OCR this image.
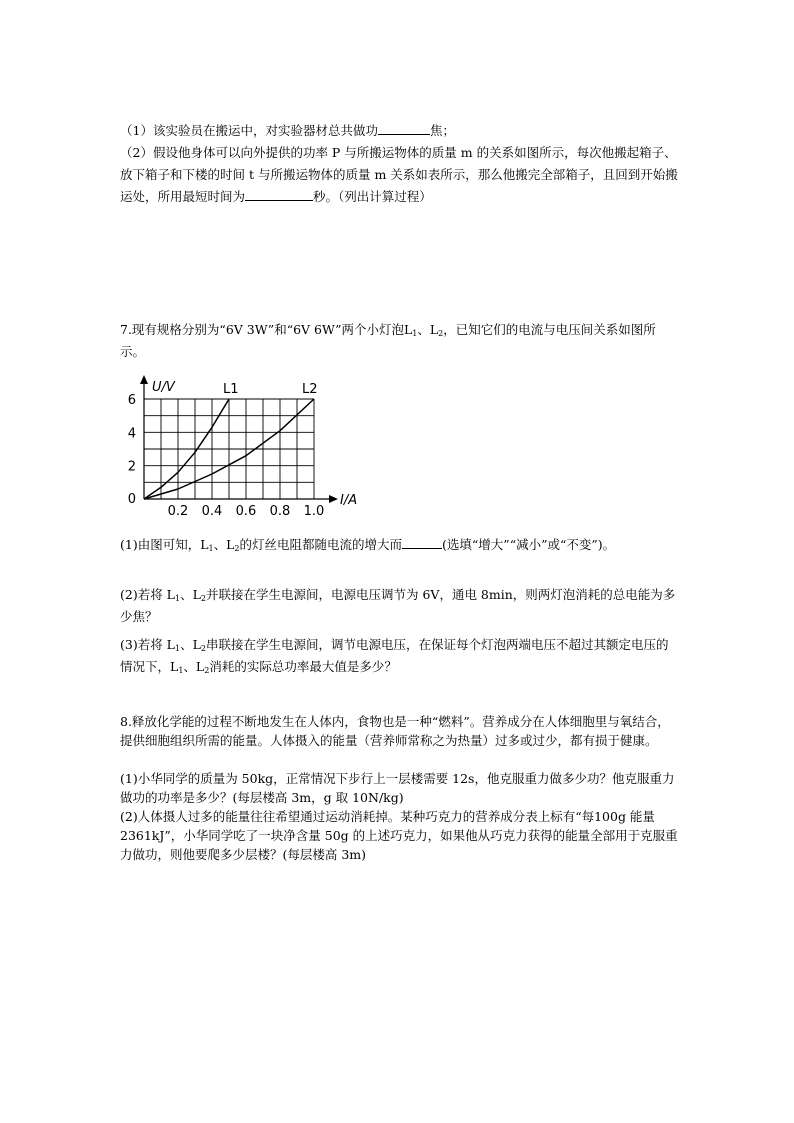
（1）该实验员在搬运中，对实验器材总共做功	焦；

（2）假设他身体可以向外提供的功率 P 与所搬运物体的质量 m 的关系如图所示，每次他搬起箱子、放下箱子和下楼的时间 t 与所搬运物体的质量 m 关系如表所示，那么他搬完全部箱子，且回到开始搬运处，所用最短时间为	秒。（列出计算过程）

7.现有规格分别为“6V 3W”和“6V 6W”两个小灯泡$L_1$、$L_2$，已知它们的电流与电压间关系如图所示。

0.2 0.4 0.6 0.8 1.0
0
2
4
6
U/V
I/A
L1	L2

(1)由图可知，$L_1$、$L_2$的灯丝电阻都随电流的增大而	(选填“增大”“减小”或“不变”)。

(2)若将 $L_1$、$L_2$并联接在学生电源间，电源电压调节为 6V，通电 8min，则两灯泡消耗的总电能为多少焦？

(3)若将 $L_1$、$L_2$串联接在学生电源间，调节电源电压，在保证每个灯泡两端电压不超过其额定电压的情况下，$L_1$、$L_2$消耗的实际总功率最大值是多少？

8.释放化学能的过程不断地发生在人体内，食物也是一种“燃料”。营养成分在人体细胞里与氧结合，提供细胞组织所需的能量。人体摄入的能量（营养师常称之为热量）过多或过少，都有损于健康。

(1)小华同学的质量为 50kg，正常情况下步行上一层楼需要 12s，他克服重力做多少功？他克服重力做功的功率是多少？(每层楼高 3m，g 取 10N/kg)

(2)人体摄人过多的能量往往希望通过运动消耗掉。某种巧克力的营养成分表上标有“每100g 能量 2361kJ”，小华同学吃了一块净含量 50g 的上述巧克力，如果他从巧克力获得的能量全部用于克服重力做功，则他要爬多少层楼？(每层楼高 3m)
